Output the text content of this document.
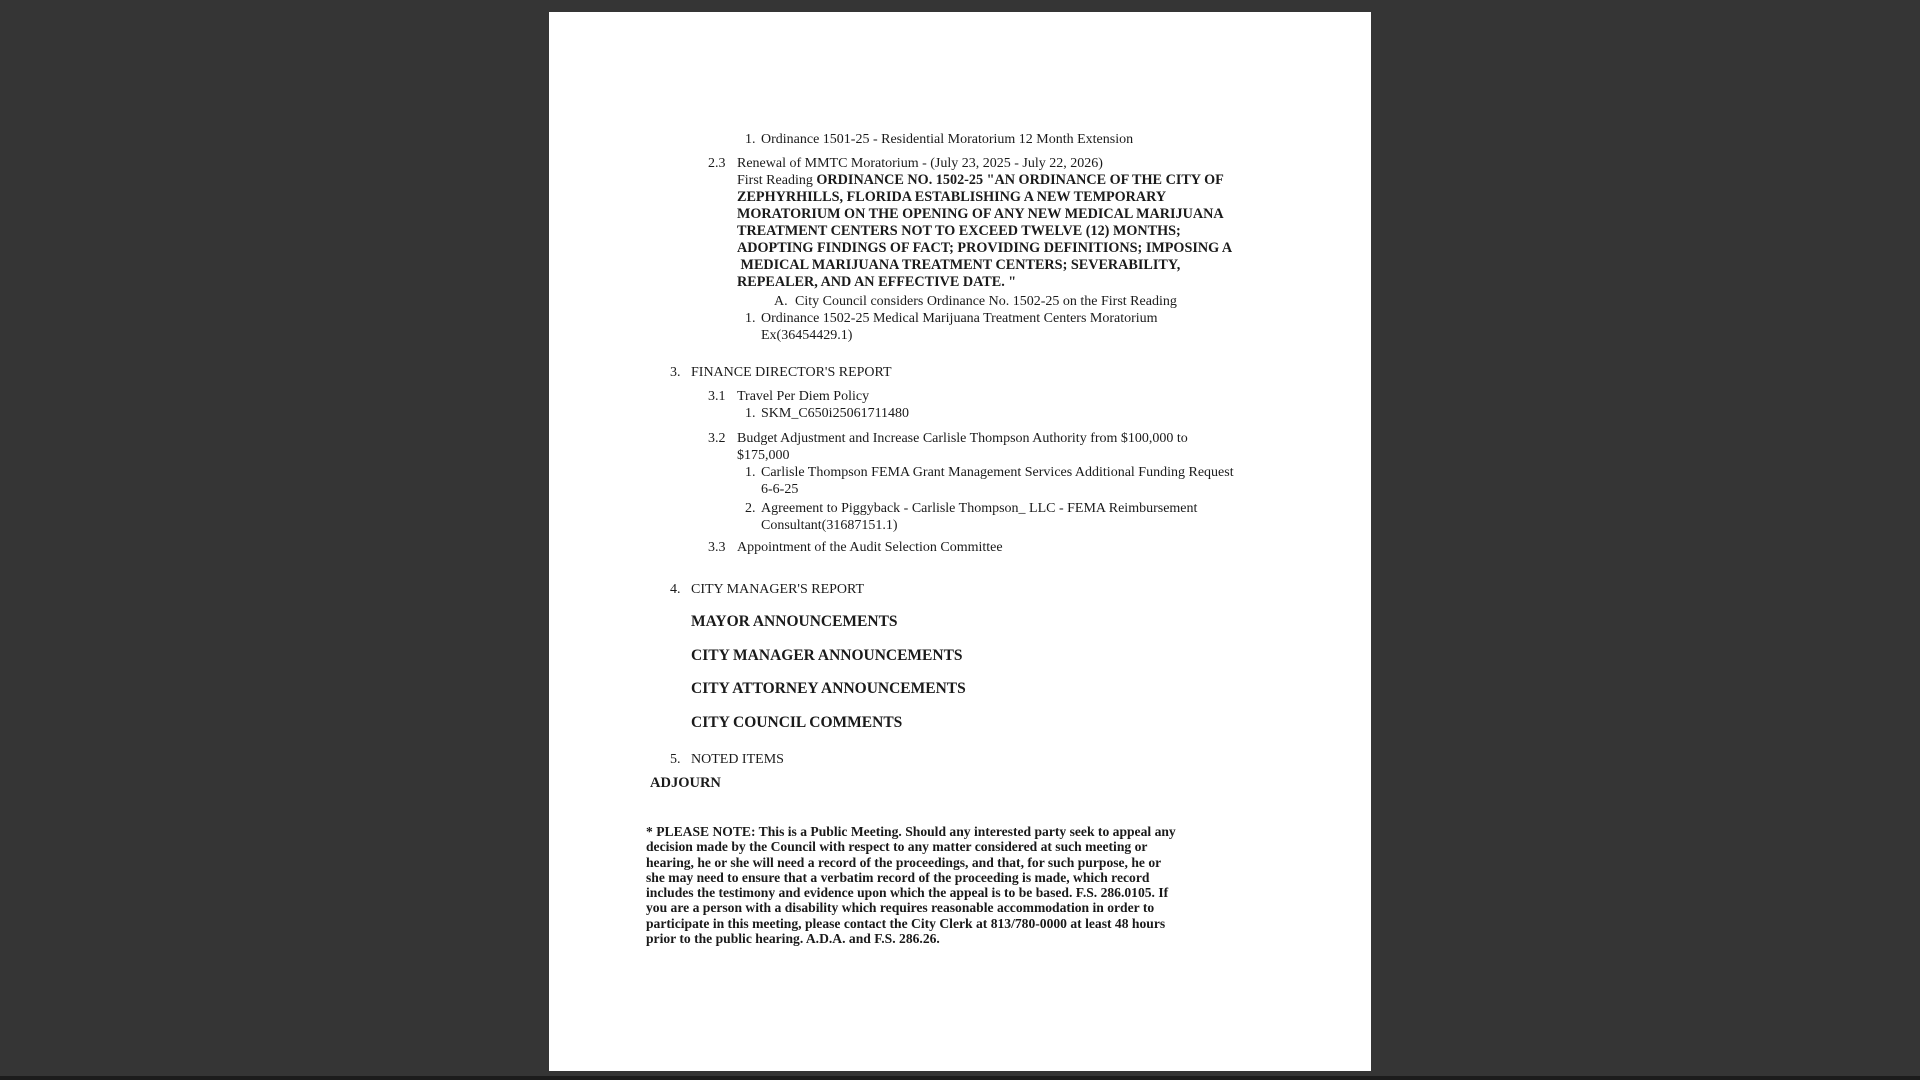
1. Ordinance 1501-25 - Residential Moratorium 12 Month Extension
2.3 Renewal of MMTC Moratorium - (July 23, 2025 - July 22, 2026)
First Reading ORDINANCE NO. 1502-25 "AN ORDINANCE OF THE CITY OF
ZEPHYRHILLS, FLORIDA ESTABLISHING A NEW TEMPORARY
MORATORIUM ON THE OPENING OF ANY NEW MEDICAL MARIJUANA
TREATMENT CENTERS NOT TO EXCEED TWELVE (12) MONTHS;
ADOPTING FINDINGS OF FACT; PROVIDING DEFINITIONS; IMPOSING A
MEDICAL MARIJUANA TREATMENT CENTERS; SEVERABILITY,
REPEALER, AND AN EFFECTIVE DATE. "
A. City Council considers Ordinance No. 1502-25 on the First Reading
1. Ordinance 1502-25 Medical Marijuana Treatment Centers Moratorium
Ex(36454429.1)
3. FINANCE DIRECTOR'S REPORT
3.1 Travel Per Diem Policy
1. SKM_C650i25061711480
3.2 Budget Adjustment and Increase Carlisle Thompson Authority from $100,000 to
$175,000
1. Carlisle Thompson FEMA Grant Management Services Additional Funding Request
6-6-25
2. Agreement to Piggyback - Carlisle Thompson_ LLC - FEMA Reimbursement
Consultant(31687151.1)
3.3 Appointment of the Audit Selection Committee
4. CITY MANAGER'S REPORT
MAYOR ANNOUNCEMENTS
CITY MANAGER ANNOUNCEMENTS
CITY ATTORNEY ANNOUNCEMENTS
CITY COUNCIL COMMENTS
5. NOTED ITEMS
ADJOURN
* PLEASE NOTE: This is a Public Meeting. Should any interested party seek to appeal any
decision made by the Council with respect to any matter considered at such meeting or
hearing, he or she will need a record of the proceedings, and that, for such purpose, he or
she may need to ensure that a verbatim record of the proceeding is made, which record
includes the testimony and evidence upon which the appeal is to be based. F.S. 286.0105. If
you are a person with a disability which requires reasonable accommodation in order to
participate in this meeting, please contact the City Clerk at 813/780-0000 at least 48 hours
prior to the public hearing. A.D.A. and F.S. 286.26.
